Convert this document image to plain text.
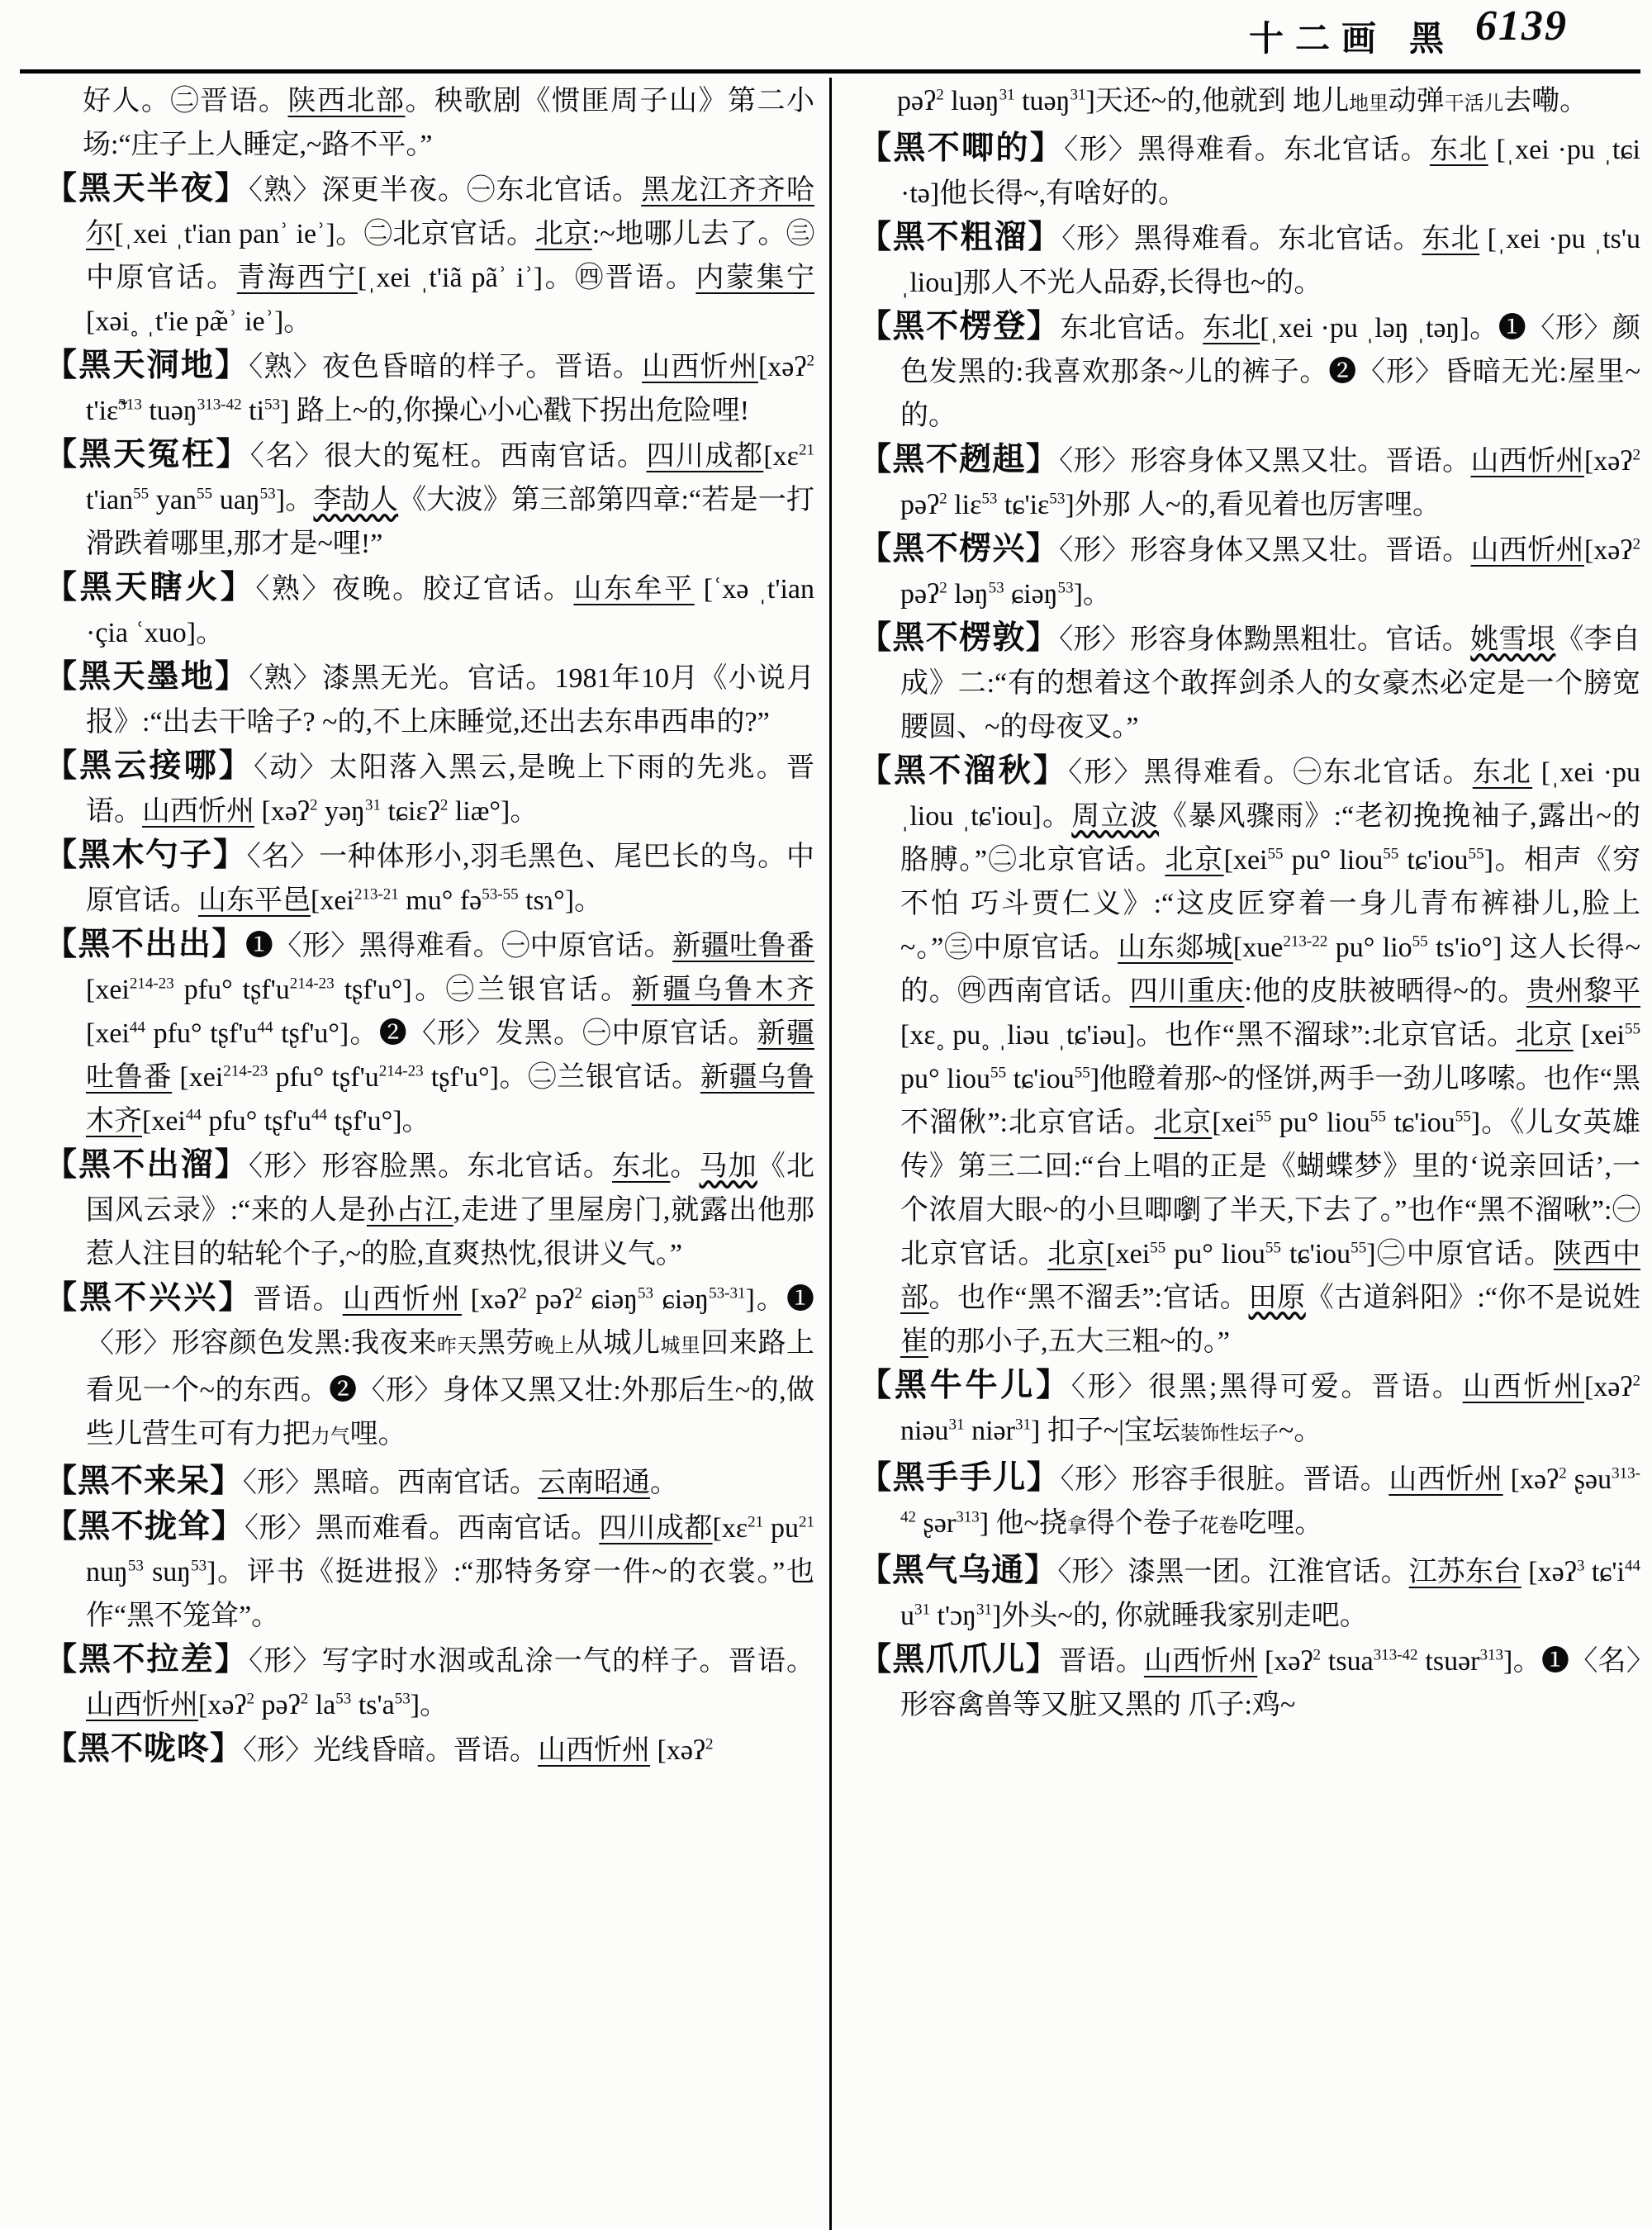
十二画 黑 6139
好人。㊁晋语。陕西北部。秧歌剧《惯匪周子山》第二小场:“庄子上人睡定,~路不平。”
【黑天半夜】〈熟〉深更半夜。㊀东北官话。黑龙江齐齐哈尔[ˌxei ˌt'ian panʾ ieʾ]。㊁北京官话。北京:~地哪儿去了。㊂中原官话。青海西宁[ˌxei ˌt'iã pãʾ iʾ]。㊃晋语。内蒙集宁[xəi˳ ˌt'ie pæ̃ʾ ieʾ]。
【黑天洞地】〈熟〉夜色昏暗的样子。晋语。山西忻州[xəʔ$^2$ t'iɛ̃$^{313}$ tuəŋ$^{313-42}$ $ti^{53}$] 路上~的,你操心小心戳下拐出危险哩!
【黑天冤枉】〈名〉很大的冤枉。西南官话。四川成都[xɛ$^{21}$ t'ian$^{55}$ yan$^{55}$ uaŋ$^{53}$]。李劼人《大波》第三部第四章:“若是一打滑跌着哪里,那才是~哩!”
【黑天瞎火】〈熟〉夜晚。胶辽官话。山东牟平 [ʿxə ˌt'ian ·çia ʿxuo]。
【黑天墨地】〈熟〉漆黑无光。官话。1981年10月《小说月报》:“出去干啥子? ~的,不上床睡觉,还出去东串西串的?”
【黑云接哪】〈动〉太阳落入黑云,是晚上下雨的先兆。晋语。山西忻州 [xəʔ$^2$ yəŋ$^{31}$ tɕiɛʔ$^2$ liæ°]。
【黑木勺子】〈名〉一种体形小,羽毛黑色、尾巴长的鸟。中原官话。山东平邑[xei$^{213-21}$ mu° fə$^{53-55}$ tsɿ°]。
【黑不出出】❶〈形〉黑得难看。㊀中原官话。新疆吐鲁番 [xei$^{214-23}$ pfu° $tʂf'u^{214-23}$ tʂf'u°]。㊁兰银官话。新疆乌鲁木齐 [xei$^{44}$ pfu° $tʂf'u^{44}$ tʂf'u°]。❷〈形〉发黑。㊀中原官话。新疆吐鲁番 [xei$^{214-23}$ pfu° $tʂf'u^{214-23}$ tʂf'u°]。㊁兰银官话。新疆乌鲁木齐[xei$^{44}$ pfu° $tʂf'u^{44}$ tʂf'u°]。
【黑不出溜】〈形〉形容脸黑。东北官话。东北。马加《北国风云录》:“来的人是孙占江,走进了里屋房门,就露出他那惹人注目的轱轮个子,~的脸,直爽热忱,很讲义气。”
【黑不兴兴】晋语。山西忻州 [xəʔ$^2$ pəʔ$^2$ ɕiəŋ$^{53}$ ɕiəŋ$^{53-31}$]。❶〈形〉形容颜色发黑:我夜来昨天黑劳晚上从城儿城里回来路上看见一个~的东西。❷〈形〉身体又黑又壮:外那后生~的,做些儿营生可有力把力气哩。
【黑不来呆】〈形〉黑暗。西南官话。云南昭通。
【黑不拢耸】〈形〉黑而难看。西南官话。四川成都[xɛ$^{21}$ $pu^{21}$ nuŋ$^{53}$ suŋ$^{53}$]。评书《挺进报》:“那特务穿一件~的衣裳。”也作“黑不笼耸”。
【黑不拉差】〈形〉写字时水洇或乱涂一气的样子。晋语。山西忻州[xəʔ$^2$ pəʔ$^2$ $la^{53}$ $ts'a^{53}$]。
【黑不咙咚】〈形〉光线昏暗。晋语。山西忻州 [xəʔ$^2$
pəʔ$^2$ luəŋ$^{31}$ tuəŋ$^{31}$]天还~的,他就到 地儿地里动弹干活儿去嘞。
【黑不唧的】〈形〉黑得难看。东北官话。东北 [ˌxei ·pu ˌtɕi ·tə]他长得~,有啥好的。
【黑不粗溜】〈形〉黑得难看。东北官话。东北 [ˌxei ·pu ˌts'u ˌliou]那人不光人品孬,长得也~的。
【黑不楞登】东北官话。东北[ˌxei ·pu ˌləŋ ˌtəŋ]。❶〈形〉颜色发黑的:我喜欢那条~儿的裤子。❷〈形〉昏暗无光:屋里~的。
【黑不趔趄】〈形〉形容身体又黑又壮。晋语。山西忻州[xəʔ$^2$ pəʔ$^2$ liɛ$^{53}$ tɕ'iɛ$^{53}$]外那 人~的,看见着也厉害哩。
【黑不楞兴】〈形〉形容身体又黑又壮。晋语。山西忻州[xəʔ$^2$ pəʔ$^2$ ləŋ$^{53}$ ɕiəŋ$^{53}$]。
【黑不楞敦】〈形〉形容身体黝黑粗壮。官话。姚雪垠《李自成》二:“有的想着这个敢挥剑杀人的女豪杰必定是一个膀宽腰圆、~的母夜叉。”
【黑不溜秋】〈形〉黑得难看。㊀东北官话。东北 [ˌxei ·pu ˌliou ˌtɕ'iou]。周立波《暴风骤雨》:“老初挽挽袖子,露出~的胳膊。”㊁北京官话。北京[xei$^{55}$ pu° liou$^{55}$ tɕ'iou$^{55}$]。相声《穷不怕 巧斗贾仁义》:“这皮匠穿着一身儿青布裤褂儿,脸上~。”㊂中原官话。山东郯城[xue$^{213-22}$ pu° lio$^{55}$ ts'io°] 这人长得~的。㊃西南官话。四川重庆:他的皮肤被晒得~的。贵州黎平[xɛ˳ pu˳ ˌliəu ˌtɕ'iəu]。也作“黑不溜球”:北京官话。北京 [xei$^{55}$ pu° liou$^{55}$ tɕ'iou$^{55}$]他瞪着那~的怪饼,两手一劲儿哆嗦。也作“黑不溜偢”:北京官话。北京[xei$^{55}$ pu° liou$^{55}$ tɕ'iou$^{55}$]。《儿女英雄传》第三二回:“台上唱的正是《蝴蝶梦》里的‘说亲回话’,一个浓眉大眼~的小旦唧嚠了半天,下去了。”也作“黑不溜啾”:㊀北京官话。北京[xei$^{55}$ pu° liou$^{55}$ tɕ'iou$^{55}$]㊁中原官话。陕西中部。也作“黑不溜丢”:官话。田原《古道斜阳》:“你不是说姓崔的那小子,五大三粗~的。”
【黑牛牛儿】〈形〉很黑;黑得可爱。晋语。山西忻州[xəʔ$^2$ niəu$^{31}$ niər$^{31}$] 扣子~|宝坛装饰性坛子~。
【黑手手儿】〈形〉形容手很脏。晋语。山西忻州 [xəʔ$^2$ ʂəu$^{313-42}$ ʂər$^{313}$] 他~挠拿得个卷子花卷吃哩。
【黑气乌通】〈形〉漆黑一团。江淮官话。江苏东台 [xəʔ$^3$ $tɕ'i^{44}$ $u^{31}$ t'ɔŋ$^{31}$]外头~的, 你就睡我家别走吧。
【黑爪爪儿】晋语。山西忻州 [xəʔ$^2$ tsua$^{313-42}$ tsuər$^{313}$]。❶〈名〉形容禽兽等又脏又黑的 爪子:鸡~
